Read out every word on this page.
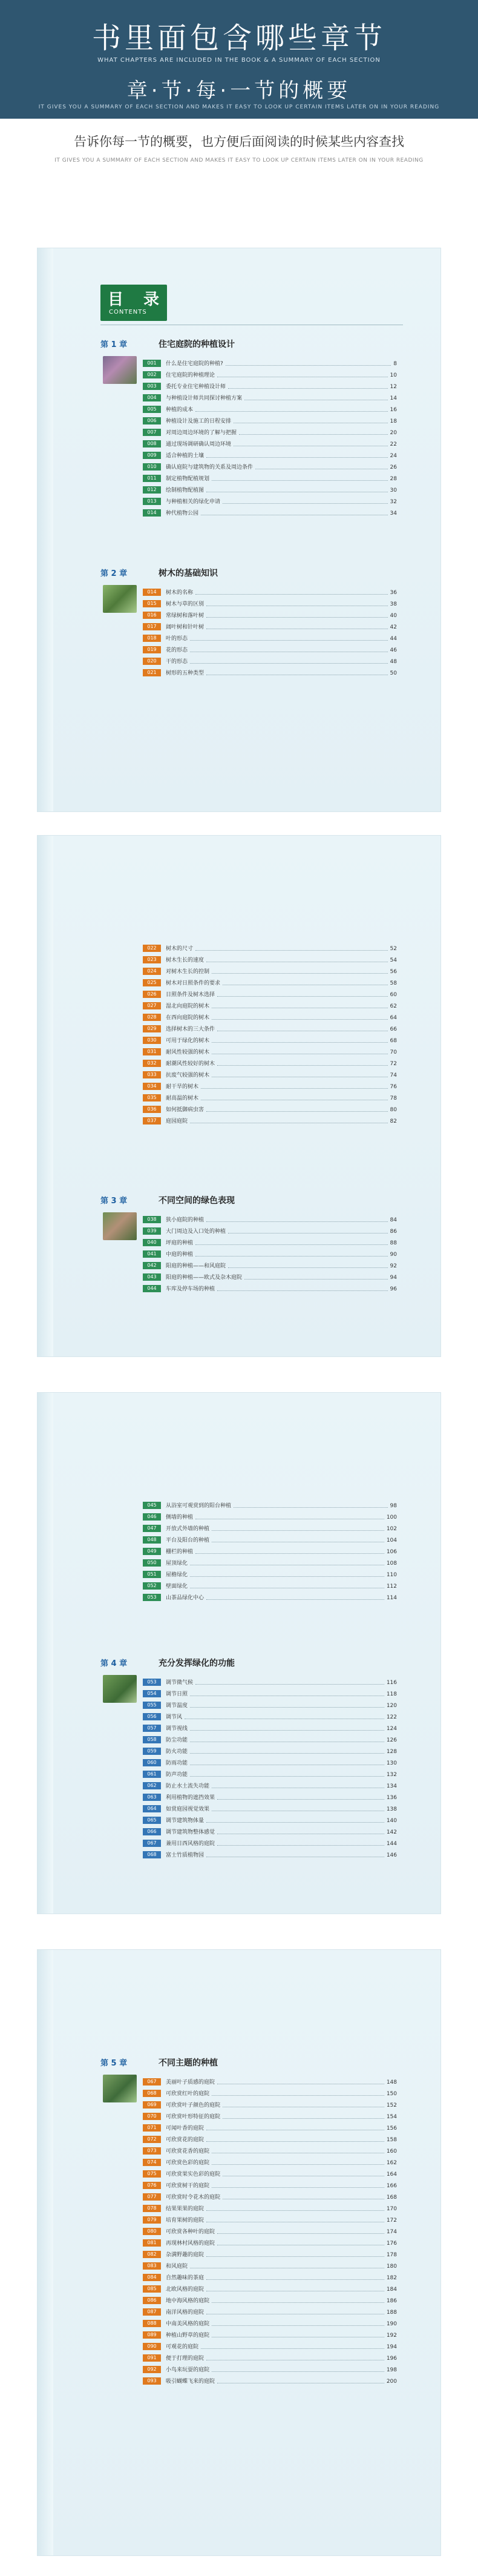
书里面包含哪些章节
WHAT CHAPTERS ARE INCLUDED IN THE BOOK & A SUMMARY OF EACH SECTION
章·节·每·一节的概要
IT GIVES YOU A SUMMARY OF EACH SECTION AND MAKES IT EASY TO LOOK UP CERTAIN ITEMS LATER ON IN YOUR READING
告诉你每一节的概要，也方便后面阅读的时候某些内容查找
IT GIVES YOU A SUMMARY OF EACH SECTION AND MAKES IT EASY TO LOOK UP CERTAIN ITEMS LATER ON IN YOUR READING
目 录
CONTENTS
第 1 章	住宅庭院的种植设计
001	什么是住宅庭院的种植?	8
002	住宅庭院的种植理论	10
003	委托专业住宅种植设计师	12
004	与种植设计师共同探讨种植方案	14
005	种植的成本	16
006	种植设计及施工的日程安排	18
007	对周边周边环境的了解与把握	20
008	通过现场调研确认周边环境	22
009	适合种植的土壤	24
010	确认庭院与建筑物的关系及周边条件	26
011	制定植物配植规划	28
012	绘制植物配植图	30
013	与种植相关的绿化申请	32
014	种代植物公园	34
第 2 章	树木的基础知识
014	树木的名称	36
015	树木与草的区别	38
016	常绿树和落叶树	40
017	阔叶树和针叶树	42
018	叶的形态	44
019	花的形态	46
020	干的形态	48
021	树形的五种类型	50
022	树木的尺寸	52
023	树木生长的速度	54
024	对树木生长的控制	56
025	树木对日照条件的要求	58
026	日照条件及树木选择	60
027	湿北向庭院的树木	62
028	在西向庭院的树木	64
029	选择树木的三大条件	66
030	可用于绿化的树木	68
031	耐风性较强的树木	70
032	耐潮风性较好的树木	72
033	抗废气较强的树木	74
034	耐干旱的树木	76
035	耐高温的树木	78
036	如何抵御病虫害	80
037	庭园庭院	82
第 3 章	不同空间的绿色表现
038	狭小庭院的种植	84
039	大门周边及入口处的种植	86
040	坪庭的种植	88
041	中庭的种植	90
042	阳庭的种植——和风庭院	92
043	阳庭的种植——欧式及杂木庭院	94
044	车库及停车场的种植	96
045	从浴室可观赏到的阳台种植	98
046	侧墙的种植	100
047	开放式外墙的种植	102
048	平台及阳台的种植	104
049	栅栏的种植	106
050	屋顶绿化	108
051	屋檐绿化	110
052	壁面绿化	112
053	山茶品绿化中心	114
第 4 章	充分发挥绿化的功能
053	调节微气候	116
054	调节日照	118
055	调节温度	120
056	调节风	122
057	调节视线	124
058	防尘功能	126
059	防火功能	128
060	防雨功能	130
061	防声功能	132
062	防止水土流失功能	134
063	利用植物的遮挡效果	136
064	如赏庭园视觉效果	138
065	调节建筑物体量	140
066	调节建筑物整体感觉	142
067	兼用日西风格的庭院	144
068	富士竹质植物园	146
第 5 章	不同主题的种植
067	美丽叶子质感的庭院	148
068	可欣赏红叶的庭院	150
069	可欣赏叶子颜色的庭院	152
070	可欣赏叶形特征的庭院	154
071	可闻叶香的庭院	156
072	可欣赏花的庭院	158
073	可欣赏花香的庭院	160
074	可欣赏色彩的庭院	162
075	可欣赏果实色彩的庭院	164
076	可欣赏树干的庭院	166
077	可欣赏时令花木的庭院	168
078	结果果果的庭院	170
079	培育果树的庭院	172
080	可欣赏各种叶的庭院	174
081	再现林村风格的庭院	176
082	杂满野趣的庭院	178
083	和风庭院	180
084	自然趣味的茶庭	182
085	北欧风格的庭院	184
086	地中海风格的庭院	186
087	南洋风格的庭院	188
088	中南美风格的庭院	190
089	种植山野草的庭院	192
090	可观花的庭院	194
091	便于打理的庭院	196
092	小鸟来玩耍的庭院	198
093	吸引蝴蝶飞来的庭院	200
